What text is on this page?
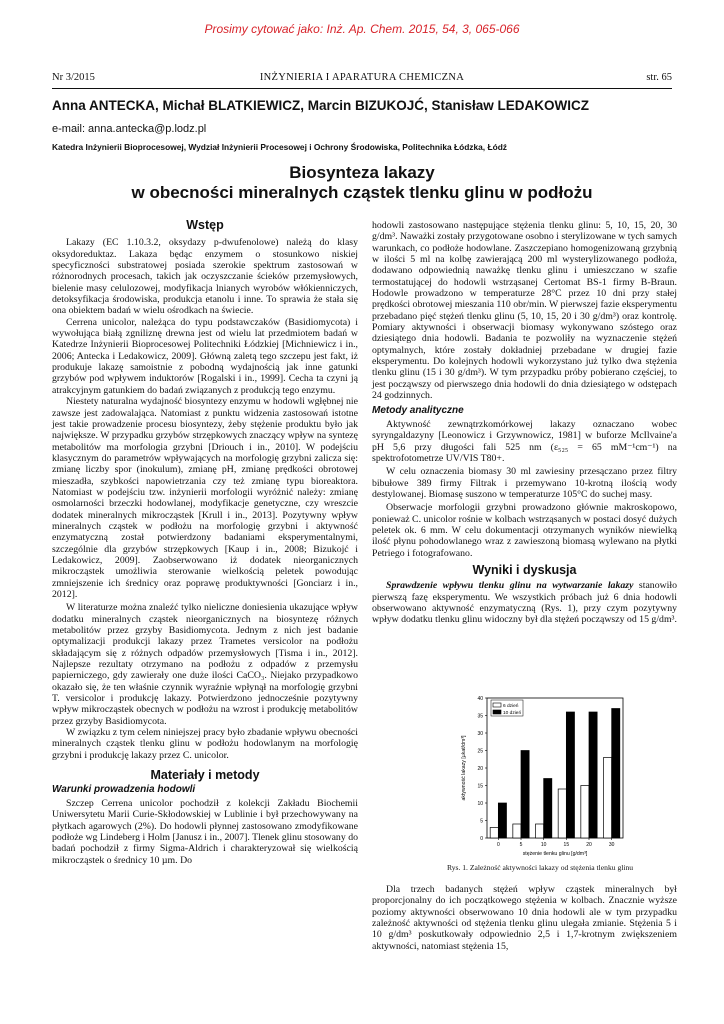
Prosimy cytować jako: Inż. Ap. Chem. 2015, 54, 3, 065-066
Nr 3/2015	INŻYNIERIA I APARATURA CHEMICZNA	str. 65
Anna ANTECKA, Michał BLATKIEWICZ, Marcin BIZUKOJĆ, Stanisław LEDAKOWICZ
e-mail: anna.antecka@p.lodz.pl
Katedra Inżynierii Bioprocesowej, Wydział Inżynierii Procesowej i Ochrony Środowiska, Politechnika Łódzka, Łódź
Biosynteza lakazy
w obecności mineralnych cząstek tlenku glinu w podłożu
Wstęp

Lakazy (EC 1.10.3.2, oksydazy p-dwufenolowe) należą do klasy oksydoreduktaz. Lakaza będąc enzymem o stosunkowo niskiej specyficzności substratowej posiada szerokie spektrum zastosowań w różnorodnych procesach, takich jak oczyszczanie ścieków przemysłowych, bielenie masy celulozowej, modyfikacja lnianych wyrobów włókienniczych, detoksyfikacja środowiska, produkcja etanolu i inne. To sprawia że stała się ona obiektem badań w wielu ośrodkach na świecie.

Cerrena unicolor, należąca do typu podstawczaków (Basidiomycota) i wywołująca białą zgniliznę drewna jest od wielu lat przedmiotem badań w Katedrze Inżynierii Bioprocesowej Politechniki Łódzkiej [Michniewicz i in., 2006; Antecka i Ledakowicz, 2009]. Główną zaletą tego szczepu jest fakt, iż produkuje lakazę samoistnie z pobodną wydajnością jak inne gatunki grzybów pod wpływem induktorów [Rogalski i in., 1999]. Cecha ta czyni ją atrakcyjnym gatunkiem do badań związanych z produkcją tego enzymu.

Niestety naturalna wydajność biosyntezy enzymu w hodowli wgłębnej nie zawsze jest zadowalająca. Natomiast z punktu widzenia zastosowań istotne jest takie prowadzenie procesu biosyntezy, żeby stężenie produktu było jak największe. W przypadku grzybów strzępkowych znaczący wpływ na syntezę metabolitów ma morfologia grzybni [Driouch i in., 2010]. W podejściu klasycznym do parametrów wpływających na morfologię grzybni zalicza się: zmianę liczby spor (inokulum), zmianę pH, zmianę prędkości obrotowej mieszadła, szybkości napowietrzania czy też zmianę typu bioreaktora. Natomiast w podejściu tzw. inżynierii morfologii wyróżnić należy: zmianę osmolarności brzeczki hodowlanej, modyfikacje genetyczne, czy wreszcie dodatek mineralnych mikrocząstek [Krull i in., 2013]. Pozytywny wpływ mineralnych cząstek w podłożu na morfologię grzybni i aktywność enzymatyczną został potwierdzony badaniami eksperymentalnymi, szczególnie dla grzybów strzępkowych [Kaup i in., 2008; Bizukojć i Ledakowicz, 2009]. Zaobserwowano iż dodatek nieorganicznych mikrocząstek umożliwia sterowanie wielkością peletek powodując zmniejszenie ich średnicy oraz poprawę produktywności [Gonciarz i in., 2012].

W literaturze można znaleźć tylko nieliczne doniesienia ukazujące wpływ dodatku mineralnych cząstek nieorganicznych na biosyntezę różnych metabolitów przez grzyby Basidiomycota. Jednym z nich jest badanie optymalizacji produkcji lakazy przez Trametes versicolor na podłożu składającym się z różnych odpadów przemysłowych [Tisma i in., 2012]. Najlepsze rezultaty otrzymano na podłożu z odpadów z przemysłu papierniczego, gdy zawierały one duże ilości CaCO₃. Niejako przypadkowo okazało się, że ten właśnie czynnik wyraźnie wpłynął na morfologię grzybni T. versicolor i produkcję lakazy. Potwierdzono jednocześnie pozytywny wpływ mikrocząstek obecnych w podłożu na wzrost i produkcję metabolitów przez grzyby Basidiomycota.

W związku z tym celem niniejszej pracy było zbadanie wpływu obecności mineralnych cząstek tlenku glinu w podłożu hodowlanym na morfologię grzybni i produkcję lakazy przez C. unicolor.

Materiały i metody
Warunki prowadzenia hodowli

Szczep Cerrena unicolor pochodził z kolekcji Zakładu Biochemii Uniwersytetu Marii Curie-Skłodowskiej w Lublinie i był przechowywany na płytkach agarowych (2%). Do hodowli płynnej zastosowano zmodyfikowane podłoże wg Lindeberg i Holm [Janusz i in., 2007]. Tlenek glinu stosowany do badań pochodził z firmy Sigma-Aldrich i charakteryzował się wielkością mikrocząstek o średnicy 10 µm. Do

hodowli zastosowano następujące stężenia tlenku glinu: 5, 10, 15, 20, 30 g/dm³. Naważki zostały przygotowane osobno i sterylizowane w tych samych warunkach, co podłoże hodowlane. Zaszczepiano homogenizowaną grzybnią w ilości 5 ml na kolbę zawierającą 200 ml wysterylizowanego podłoża, dodawano odpowiednią naważkę tlenku glinu i umieszczano w szafie termostatującej do hodowli wstrząsanej Certomat BS-1 firmy B-Braun. Hodowle prowadzono w temperaturze 28°C przez 10 dni przy stałej prędkości obrotowej mieszania 110 obr/min. W pierwszej fazie eksperymentu przebadano pięć stężeń tlenku glinu (5, 10, 15, 20 i 30 g/dm³) oraz kontrolę. Pomiary aktywności i obserwacji biomasy wykonywano szóstego oraz dziesiątego dnia hodowli. Badania te pozwoliły na wyznaczenie stężeń optymalnych, które zostały dokładniej przebadane w drugiej fazie eksperymentu. Do kolejnych hodowli wykorzystano już tylko dwa stężenia tlenku glinu (15 i 30 g/dm³). W tym przypadku próby pobierano częściej, to jest począwszy od pierwszego dnia hodowli do dnia dziesiątego w odstępach 24 godzinnych.

Metody analityczne

Aktywność zewnątrzkomórkowej lakazy oznaczano wobec syryngaldazyny [Leonowicz i Grzywnowicz, 1981] w buforze McIlvaine'a pH 5,6 przy długości fali 525 nm (ε₅₂₅ = 65 mM⁻¹cm⁻¹) na spektrofotometrze UV/VIS T80+.

W celu oznaczenia biomasy 30 ml zawiesiny przesączano przez filtry bibułowe 389 firmy Filtrak i przemywano 10-krotną ilością wody destylowanej. Biomasę suszono w temperaturze 105°C do suchej masy.

Obserwacje morfologii grzybni prowadzono głównie makroskopowo, ponieważ C. unicolor rośnie w kolbach wstrząsanych w postaci dosyć dużych peletek ok. 6 mm. W celu dokumentacji otrzymanych wyników niewielką ilość płynu pohodowlanego wraz z zawieszoną biomasą wylewano na płytki Petriego i fotografowano.

Wyniki i dyskusja

Sprawdzenie wpływu tlenku glinu na wytwarzanie lakazy stanowiło pierwszą fazę eksperymentu. We wszystkich próbach już 6 dnia hodowli obserwowano aktywność enzymatyczną (Rys. 1), przy czym pozytywny wpływ dodatku tlenku glinu widoczny był dla stężeń począwszy od 15 g/dm³.

0
5
10
15
20
25
30
35
40
0	5	10	15	20	30
stężenie tlenku glinu [g/dm³]
aktywność lakazy [µkat/dm³]
6 dzień
10 dzień
Rys. 1. Zależność aktywności lakazy od stężenia tlenku glinu

Dla trzech badanych stężeń wpływ cząstek mineralnych był proporcjonalny do ich początkowego stężenia w kolbach. Znacznie wyższe poziomy aktywności obserwowano 10 dnia hodowli ale w tym przypadku zależność aktywności od stężenia tlenku glinu ulegała zmianie. Stężenia 5 i 10 g/dm³ poskutkowały odpowiednio 2,5 i 1,7-krotnym zwiększeniem aktywności, natomiast stężenia 15,
